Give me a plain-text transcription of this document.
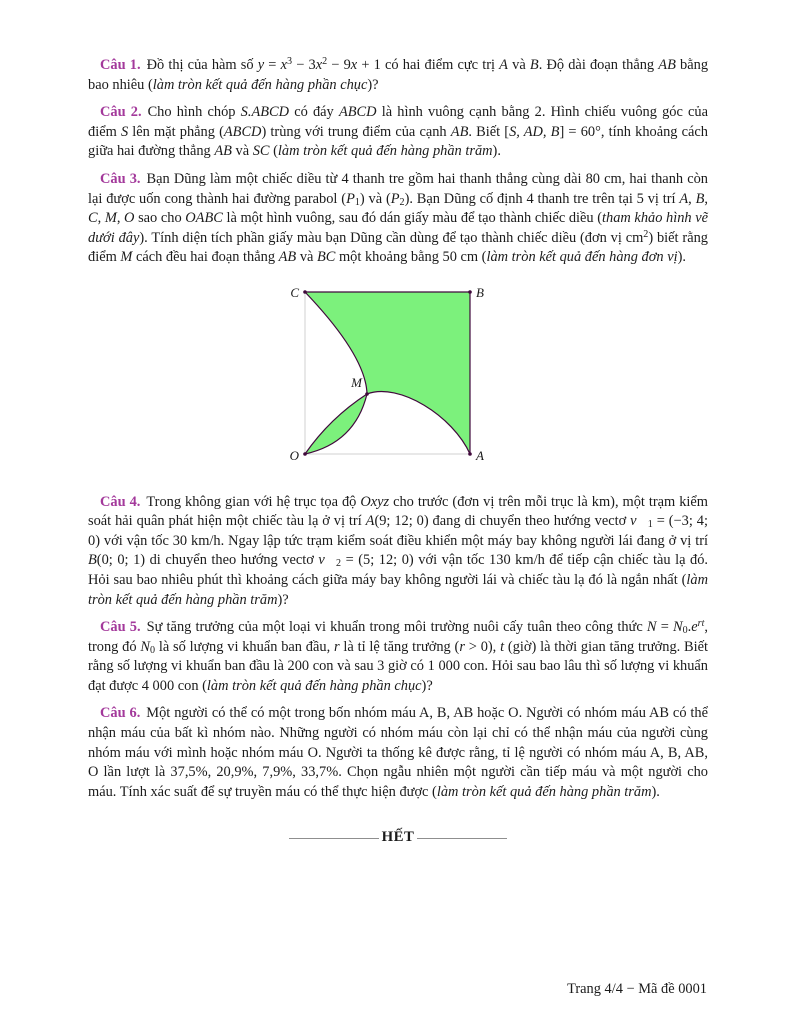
Câu 1. Đồ thị của hàm số $y = x^3 - 3x^2 - 9x + 1$ có hai điểm cực trị A và B. Độ dài đoạn thẳng AB bằng bao nhiêu (làm tròn kết quả đến hàng phần chục)?

Câu 2. Cho hình chóp S.ABCD có đáy ABCD là hình vuông cạnh bằng 2. Hình chiếu vuông góc của điểm S lên mặt phẳng (ABCD) trùng với trung điểm của cạnh AB. Biết [S, AD, B] = 60°, tính khoảng cách giữa hai đường thẳng AB và SC (làm tròn kết quả đến hàng phần trăm).

Câu 3. Bạn Dũng làm một chiếc diều từ 4 thanh tre gồm hai thanh thẳng cùng dài 80 cm, hai thanh còn lại được uốn cong thành hai đường parabol (P1) và (P2). Bạn Dũng cố định 4 thanh tre trên tại 5 vị trí A, B, C, M, O sao cho OABC là một hình vuông, sau đó dán giấy màu để tạo thành chiếc diều (tham khảo hình vẽ dưới đây). Tính diện tích phần giấy màu bạn Dũng cần dùng để tạo thành chiếc diều (đơn vị $cm^2$) biết rằng điểm M cách đều hai đoạn thẳng AB và BC một khoảng bằng 50 cm (làm tròn kết quả đến hàng đơn vị).

C	B
M
O	A

Câu 4. Trong không gian với hệ trục tọa độ Oxyz cho trước (đơn vị trên mỗi trục là km), một trạm kiểm soát hải quân phát hiện một chiếc tàu lạ ở vị trí A(9; 12; 0) đang di chuyển theo hướng vectơ v⃗1 = (−3; 4; 0) với vận tốc 30 km/h. Ngay lập tức trạm kiểm soát điều khiển một máy bay không người lái đang ở vị trí B(0; 0; 1) di chuyển theo hướng vectơ v⃗2 = (5; 12; 0) với vận tốc 130 km/h để tiếp cận chiếc tàu lạ đó. Hỏi sau bao nhiêu phút thì khoảng cách giữa máy bay không người lái và chiếc tàu lạ đó là ngắn nhất (làm tròn kết quả đến hàng phần trăm)?

Câu 5. Sự tăng trưởng của một loại vi khuẩn trong môi trường nuôi cấy tuân theo công thức $N = N0.e^{rt}$, trong đó N0 là số lượng vi khuẩn ban đầu, r là tỉ lệ tăng trưởng (r > 0), t (giờ) là thời gian tăng trưởng. Biết rằng số lượng vi khuẩn ban đầu là 200 con và sau 3 giờ có 1 000 con. Hỏi sau bao lâu thì số lượng vi khuẩn đạt được 4 000 con (làm tròn kết quả đến hàng phần chục)?

Câu 6. Một người có thể có một trong bốn nhóm máu A, B, AB hoặc O. Người có nhóm máu AB có thể nhận máu của bất kì nhóm nào. Những người có nhóm máu còn lại chỉ có thể nhận máu của người cùng nhóm máu với mình hoặc nhóm máu O. Người ta thống kê được rằng, tỉ lệ người có nhóm máu A, B, AB, O lần lượt là 37,5%, 20,9%, 7,9%, 33,7%. Chọn ngẫu nhiên một người cần tiếp máu và một người cho máu. Tính xác suất để sự truyền máu có thể thực hiện được (làm tròn kết quả đến hàng phần trăm).

HẾT
Trang 4/4 − Mã đề 0001
